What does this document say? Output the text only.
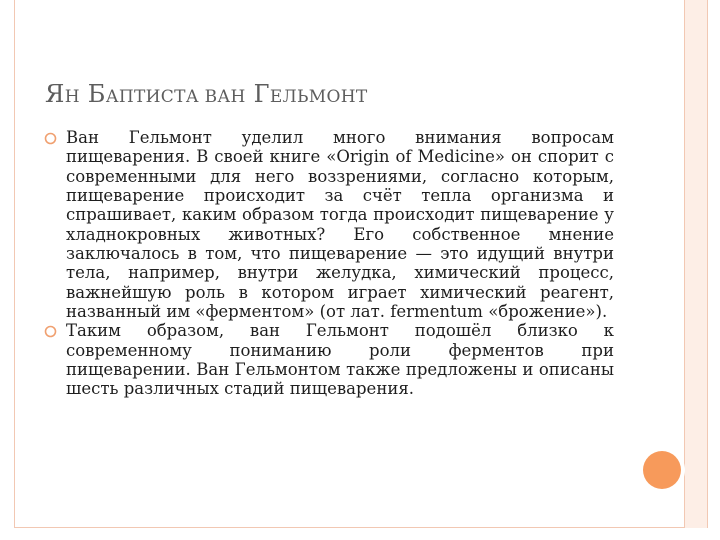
ЯН БАПТИСТА ВАН ГЕЛЬМОНТ
Ван Гельмонт уделил много внимания вопросам пищеварения. В своей книге «Origin of Medicine» он спорит с современными для него воззрениями, согласно которым, пищеварение происходит за счёт тепла организма и спрашивает, каким образом тогда происходит пищеварение у хладнокровных животных? Его собственное мнение заключалось в том, что пищеварение — это идущий внутри тела, например, внутри желудка, химический процесс, важнейшую роль в котором играет химический реагент, названный им «ферментом» (от лат. fermentum «брожение»).
Таким образом, ван Гельмонт подошёл близко к современному пониманию роли ферментов при пищеварении. Ван Гельмонтом также предложены и описаны шесть различных стадий пищеварения.
